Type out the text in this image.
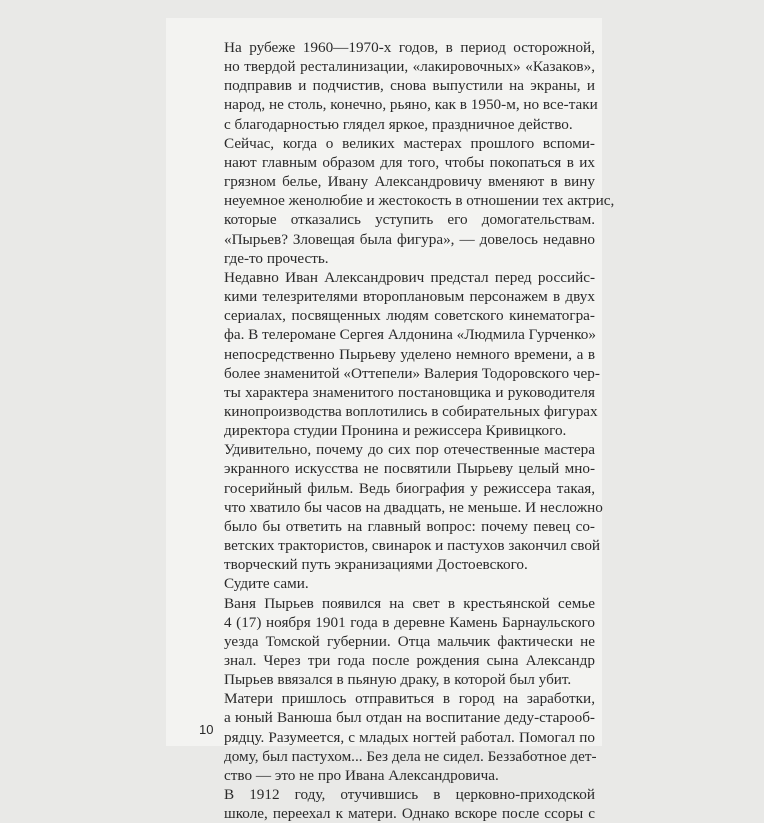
На рубеже 1960—1970-х годов, в период осторожной,
но твердой ресталинизации, «лакировочных» «Казаков»,
подправив и подчистив, снова выпустили на экраны, и
народ, не столь, конечно, рьяно, как в 1950-м, но все-таки
с благодарностью глядел яркое, праздничное действо.
Сейчас, когда о великих мастерах прошлого вспоми-
нают главным образом для того, чтобы покопаться в их
грязном белье, Ивану Александровичу вменяют в вину
неуемное женолюбие и жестокость в отношении тех актрис,
которые отказались уступить его домогательствам.
«Пырьев? Зловещая была фигура», — довелось недавно
где-то прочесть.
Недавно Иван Александрович предстал перед российс-
кими телезрителями второплановым персонажем в двух
сериалах, посвященных людям советского кинематогра-
фа. В телеромане Сергея Алдонина «Людмила Гурченко»
непосредственно Пырьеву уделено немного времени, а в
более знаменитой «Оттепели» Валерия Тодоровского чер-
ты характера знаменитого постановщика и руководителя
кинопроизводства воплотились в собирательных фигурах
директора студии Пронина и режиссера Кривицкого.
Удивительно, почему до сих пор отечественные мастера
экранного искусства не посвятили Пырьеву целый мно-
госерийный фильм. Ведь биография у режиссера такая,
что хватило бы часов на двадцать, не меньше. И несложно
было бы ответить на главный вопрос: почему певец со-
ветских трактористов, свинарок и пастухов закончил свой
творческий путь экранизациями Достоевского.
Судите сами.
Ваня Пырьев появился на свет в крестьянской семье
4 (17) ноября 1901 года в деревне Камень Барнаульского
уезда Томской губернии. Отца мальчик фактически не
знал. Через три года после рождения сына Александр
Пырьев ввязался в пьяную драку, в которой был убит.
Матери пришлось отправиться в город на заработки,
а юный Ванюша был отдан на воспитание деду-старооб-
рядцу. Разумеется, с младых ногтей работал. Помогал по
дому, был пастухом... Без дела не сидел. Беззаботное дет-
ство — это не про Ивана Александровича.
В 1912 году, отучившись в церковно-приходской
школе, переехал к матери. Однако вскоре после ссоры с
10
